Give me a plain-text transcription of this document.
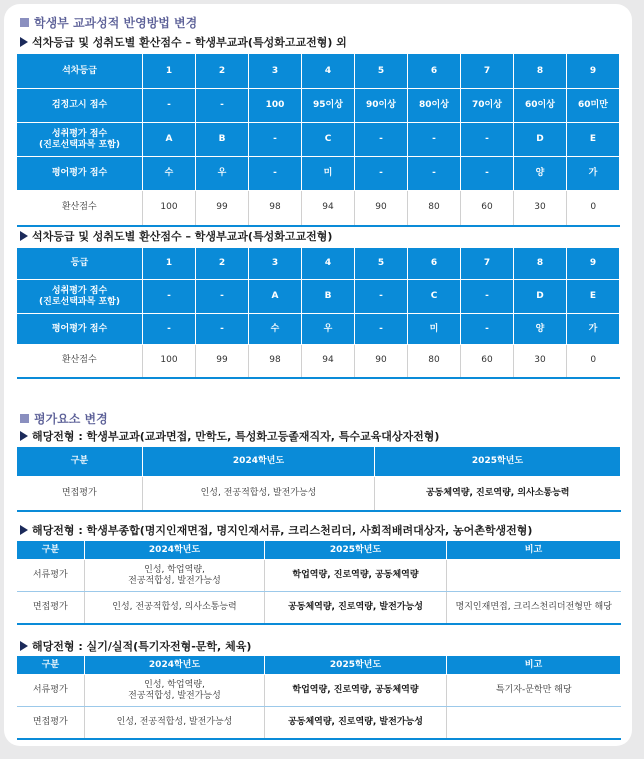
학생부 교과성적 반영방법 변경
석차등급 및 성취도별 환산점수 – 학생부교과(특성화고교전형) 외
석차등급	1	2	3	4	5	6	7	8	9
검정고시 점수	-	-	100	95이상	90이상	80이상	70이상	60이상	60미만
성취평가 점수
(진로선택과목 포함)	A	B	-	C	-	-	-	D	E
평어평가 점수	수	우	-	미	-	-	-	양	가
환산점수	100	99	98	94	90	80	60	30	0
석차등급 및 성취도별 환산점수 – 학생부교과(특성화고교전형)
등급	1	2	3	4	5	6	7	8	9
성취평가 점수
(진로선택과목 포함)	-	-	A	B	-	C	-	D	E
평어평가 점수	-	-	수	우	-	미	-	양	가
환산점수	100	99	98	94	90	80	60	30	0
평가요소 변경
해당전형 : 학생부교과(교과면접, 만학도, 특성화고등졸재직자, 특수교육대상자전형)
구분	2024학년도	2025학년도
면접평가	인성, 전공적합성, 발전가능성	공동체역량, 진로역량, 의사소통능력
해당전형 : 학생부종합(명지인재면접, 명지인재서류, 크리스천리더, 사회적배려대상자, 농어촌학생전형)
구분	2024학년도	2025학년도	비고
서류평가	인성, 학업역량,
전공적합성, 발전가능성	학업역량, 진로역량, 공동체역량	
면접평가	인성, 전공적합성, 의사소통능력	공동체역량, 진로역량, 발전가능성	명지인재면접, 크리스천리더전형만 해당
해당전형 : 실기/실적(특기자전형-문학, 체육)
구분	2024학년도	2025학년도	비고
서류평가	인성, 학업역량,
전공적합성, 발전가능성	학업역량, 진로역량, 공동체역량	특기자-문학만 해당
면접평가	인성, 전공적합성, 발전가능성	공동체역량, 진로역량, 발전가능성	
